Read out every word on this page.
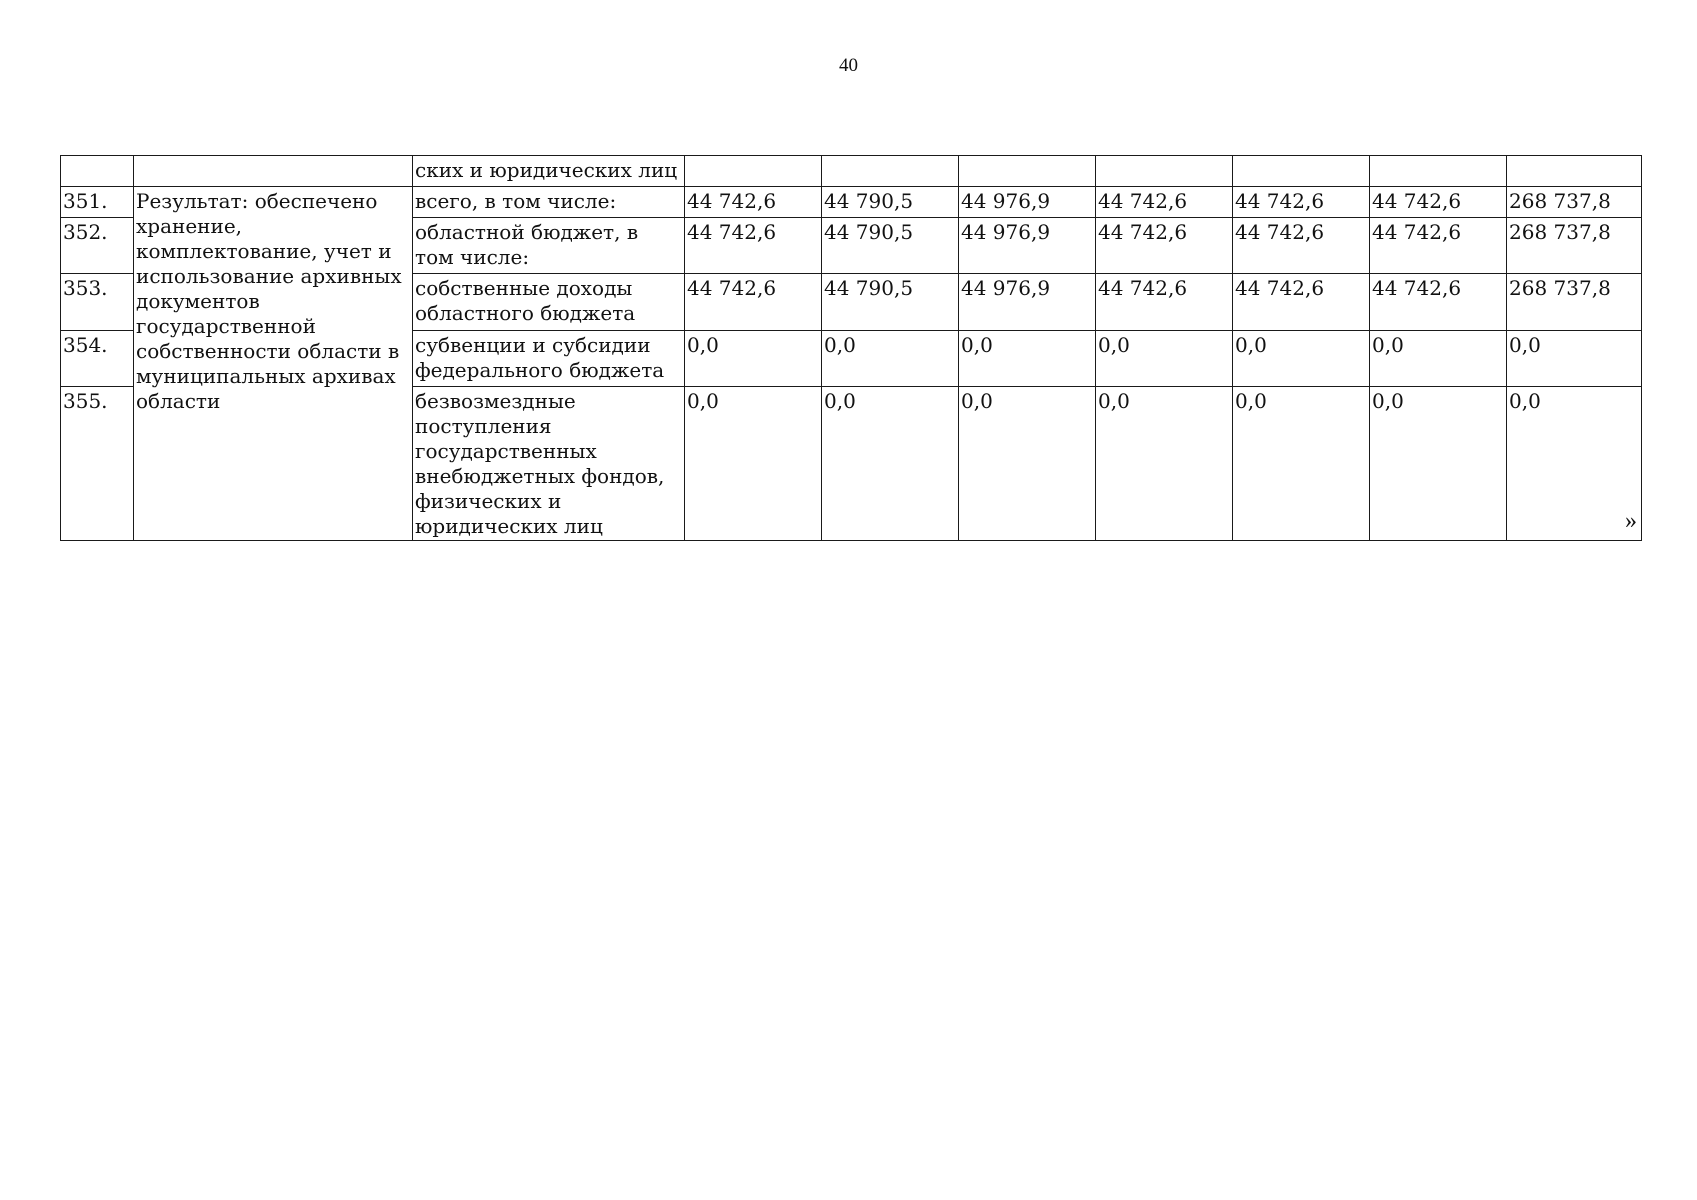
40
		ских и юридических лиц							
351.	Результат: обеспечено хранение, комплектование, учет и использование архивных документов государственной собственности области в муниципальных архивах области	всего, в том числе:	44 742,6	44 790,5	44 976,9	44 742,6	44 742,6	44 742,6	268 737,8
352.		областной бюджет, в том числе:	44 742,6	44 790,5	44 976,9	44 742,6	44 742,6	44 742,6	268 737,8
353.		собственные доходы областного бюджета	44 742,6	44 790,5	44 976,9	44 742,6	44 742,6	44 742,6	268 737,8
354.		субвенции и субсидии федерального бюджета	0,0	0,0	0,0	0,0	0,0	0,0	0,0
355.		безвозмездные поступления государственных внебюджетных фондов, физических и юридических лиц	0,0	0,0	0,0	0,0	0,0	0,0	0,0
»
